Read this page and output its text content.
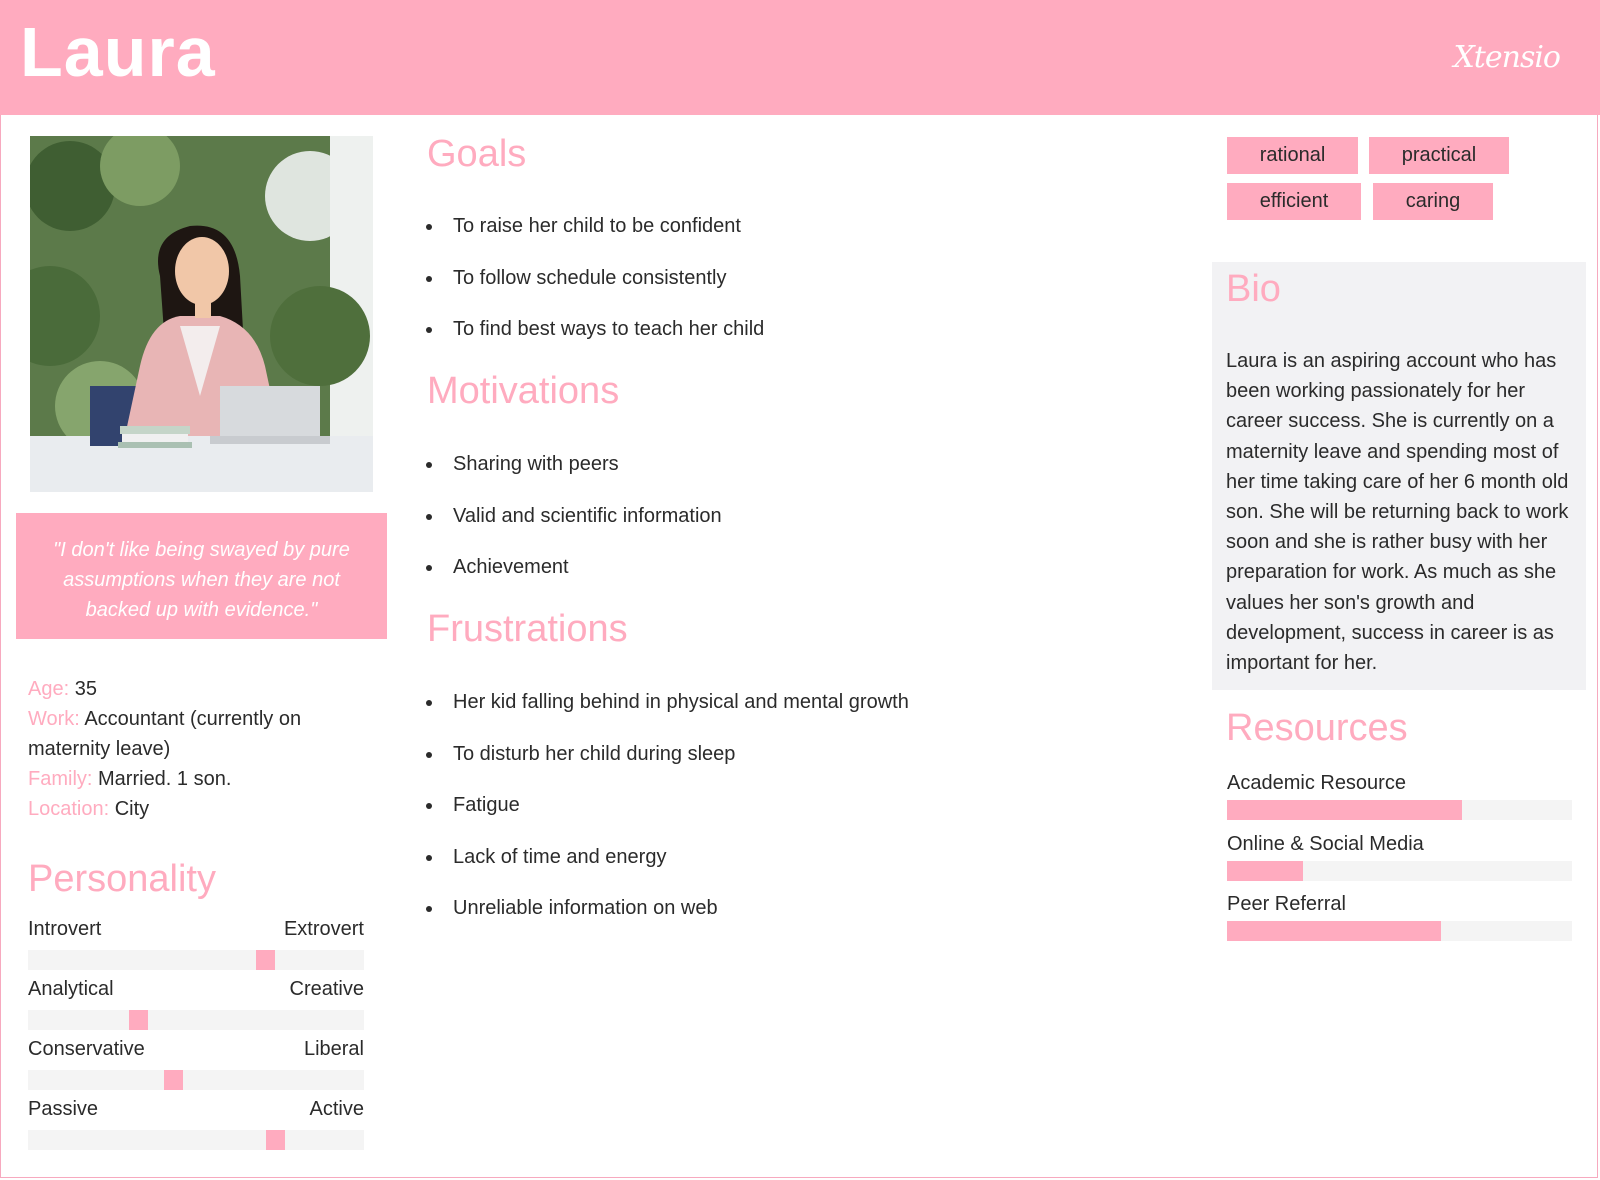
Laura	Xtensio
"I don't like being swayed by pure assumptions when they are not backed up with evidence."
Age: 35
Work: Accountant (currently on maternity leave)
Family: Married. 1 son.
Location: City
Personality
Introvert	Extrovert
Analytical	Creative
Conservative	Liberal
Passive	Active
Goals
To raise her child to be confident
To follow schedule consistently
To find best ways to teach her child
Motivations
Sharing with peers
Valid and scientific information
Achievement
Frustrations
Her kid falling behind in physical and mental growth
To disturb her child during sleep
Fatigue
Lack of time and energy
Unreliable information on web
rational	practical
efficient	caring
Bio
Laura is an aspiring account who has been working passionately for her career success. She is currently on a maternity leave and spending most of her time taking care of her 6 month old son. She will be returning back to work soon and she is rather busy with her preparation for work. As much as she values her son's growth and development, success in career is as important for her.
Resources
Academic Resource
Online & Social Media
Peer Referral
